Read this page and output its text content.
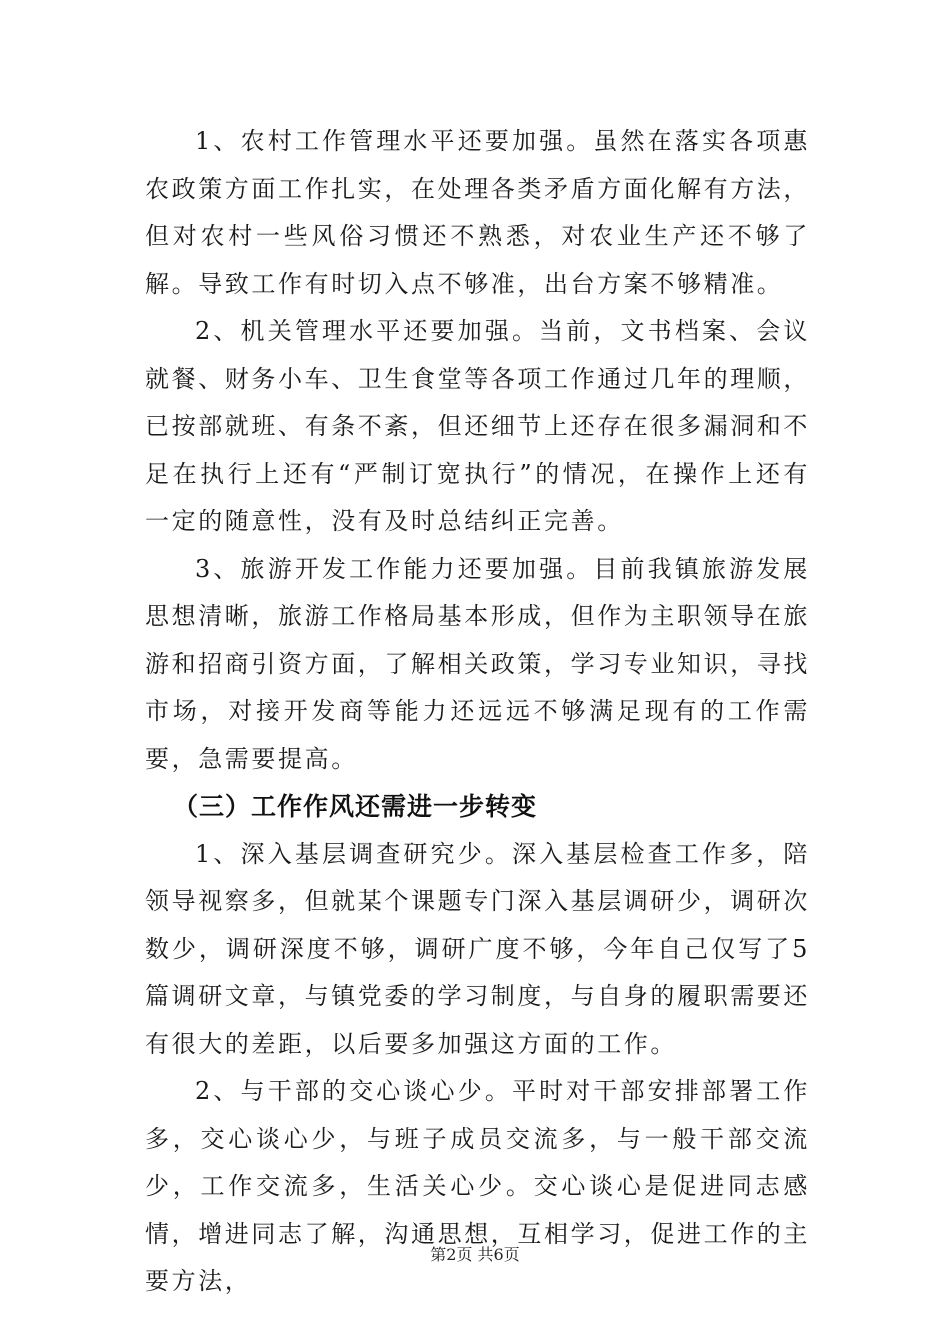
1、农村工作管理水平还要加强。虽然在落实各项惠农政策方面工作扎实，在处理各类矛盾方面化解有方法，但对农村一些风俗习惯还不熟悉，对农业生产还不够了解。导致工作有时切入点不够准，出台方案不够精准。

2、机关管理水平还要加强。当前，文书档案、会议就餐、财务小车、卫生食堂等各项工作通过几年的理顺，已按部就班、有条不紊，但还细节上还存在很多漏洞和不足在执行上还有“严制订宽执行”的情况，在操作上还有一定的随意性，没有及时总结纠正完善。

3、旅游开发工作能力还要加强。目前我镇旅游发展思想清晰，旅游工作格局基本形成，但作为主职领导在旅游和招商引资方面，了解相关政策，学习专业知识，寻找市场，对接开发商等能力还远远不够满足现有的工作需要，急需要提高。

（三）工作作风还需进一步转变

1、深入基层调查研究少。深入基层检查工作多，陪领导视察多，但就某个课题专门深入基层调研少，调研次数少，调研深度不够，调研广度不够，今年自己仅写了5篇调研文章，与镇党委的学习制度，与自身的履职需要还有很大的差距，以后要多加强这方面的工作。

2、与干部的交心谈心少。平时对干部安排部署工作多，交心谈心少，与班子成员交流多，与一般干部交流少，工作交流多，生活关心少。交心谈心是促进同志感情，增进同志了解，沟通思想，互相学习，促进工作的主要方法，

第2页 共6页
